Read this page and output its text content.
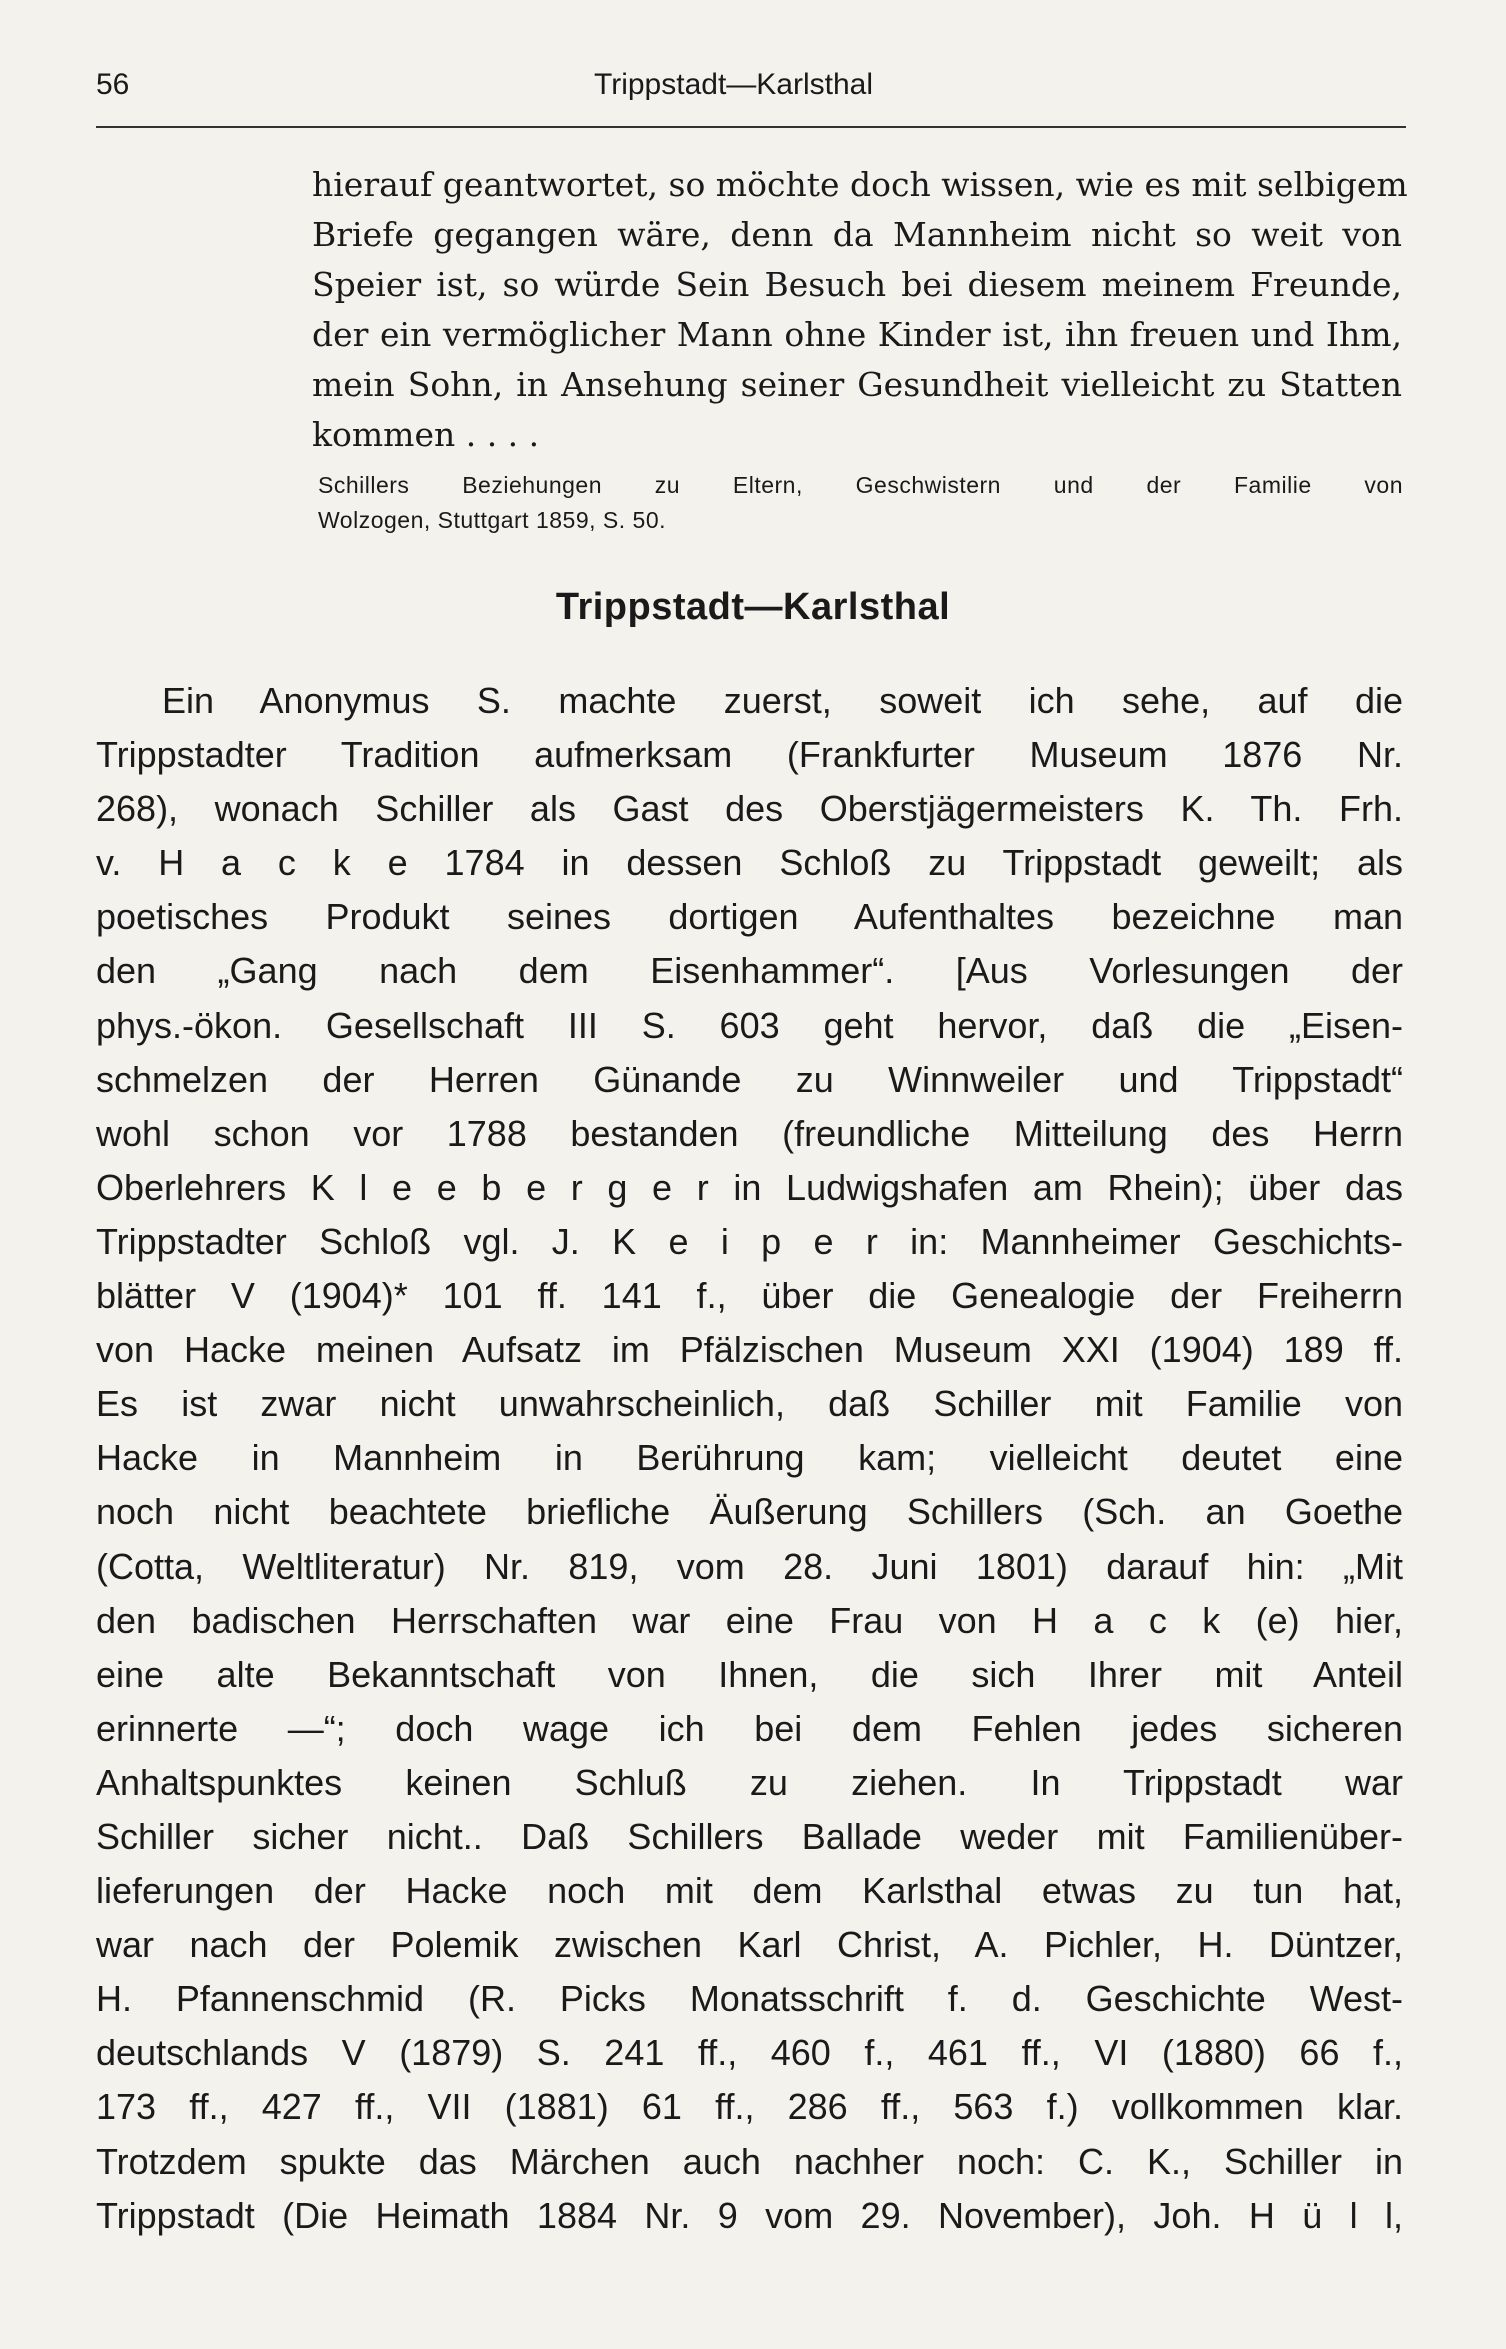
56	Trippstadt—Karlsthal
hierauf geantwortet, so möchte doch wissen, wie es mit selbigem
Briefe gegangen wäre, denn da Mannheim nicht so weit von
Speier ist, so würde Sein Besuch bei diesem meinem Freunde,
der ein vermöglicher Mann ohne Kinder ist, ihn freuen und Ihm,
mein Sohn, in Ansehung seiner Gesundheit vielleicht zu Statten
kommen . . . .
Schillers Beziehungen zu Eltern, Geschwistern und der Familie von
Wolzogen, Stuttgart 1859, S. 50.
Trippstadt—Karlsthal
Ein Anonymus S. machte zuerst, soweit ich sehe, auf die
Trippstadter Tradition aufmerksam (Frankfurter Museum 1876 Nr.
268), wonach Schiller als Gast des Oberstjägermeisters K. Th. Frh.
v. H a c k e 1784 in dessen Schloß zu Trippstadt geweilt; als
poetisches Produkt seines dortigen Aufenthaltes bezeichne man
den „Gang nach dem Eisenhammer“. [Aus Vorlesungen der
phys.-ökon. Gesellschaft III S. 603 geht hervor, daß die „Eisen-
schmelzen der Herren Günande zu Winnweiler und Trippstadt“
wohl schon vor 1788 bestanden (freundliche Mitteilung des Herrn
Oberlehrers K l e e b e r g e r in Ludwigshafen am Rhein); über das
Trippstadter Schloß vgl. J. K e i p e r in: Mannheimer Geschichts-
blätter V (1904)* 101 ff. 141 f., über die Genealogie der Freiherrn
von Hacke meinen Aufsatz im Pfälzischen Museum XXI (1904) 189 ff.
Es ist zwar nicht unwahrscheinlich, daß Schiller mit Familie von
Hacke in Mannheim in Berührung kam; vielleicht deutet eine
noch nicht beachtete briefliche Äußerung Schillers (Sch. an Goethe
(Cotta, Weltliteratur) Nr. 819, vom 28. Juni 1801) darauf hin: „Mit
den badischen Herrschaften war eine Frau von H a c k (e) hier,
eine alte Bekanntschaft von Ihnen, die sich Ihrer mit Anteil
erinnerte —“; doch wage ich bei dem Fehlen jedes sicheren
Anhaltspunktes keinen Schluß zu ziehen. In Trippstadt war
Schiller sicher nicht.. Daß Schillers Ballade weder mit Familienüber-
lieferungen der Hacke noch mit dem Karlsthal etwas zu tun hat,
war nach der Polemik zwischen Karl Christ, A. Pichler, H. Düntzer,
H. Pfannenschmid (R. Picks Monatsschrift f. d. Geschichte West-
deutschlands V (1879) S. 241 ff., 460 f., 461 ff., VI (1880) 66 f.,
173 ff., 427 ff., VII (1881) 61 ff., 286 ff., 563 f.) vollkommen klar.
Trotzdem spukte das Märchen auch nachher noch: C. K., Schiller in
Trippstadt (Die Heimath 1884 Nr. 9 vom 29. November), Joh. H ü l l,
